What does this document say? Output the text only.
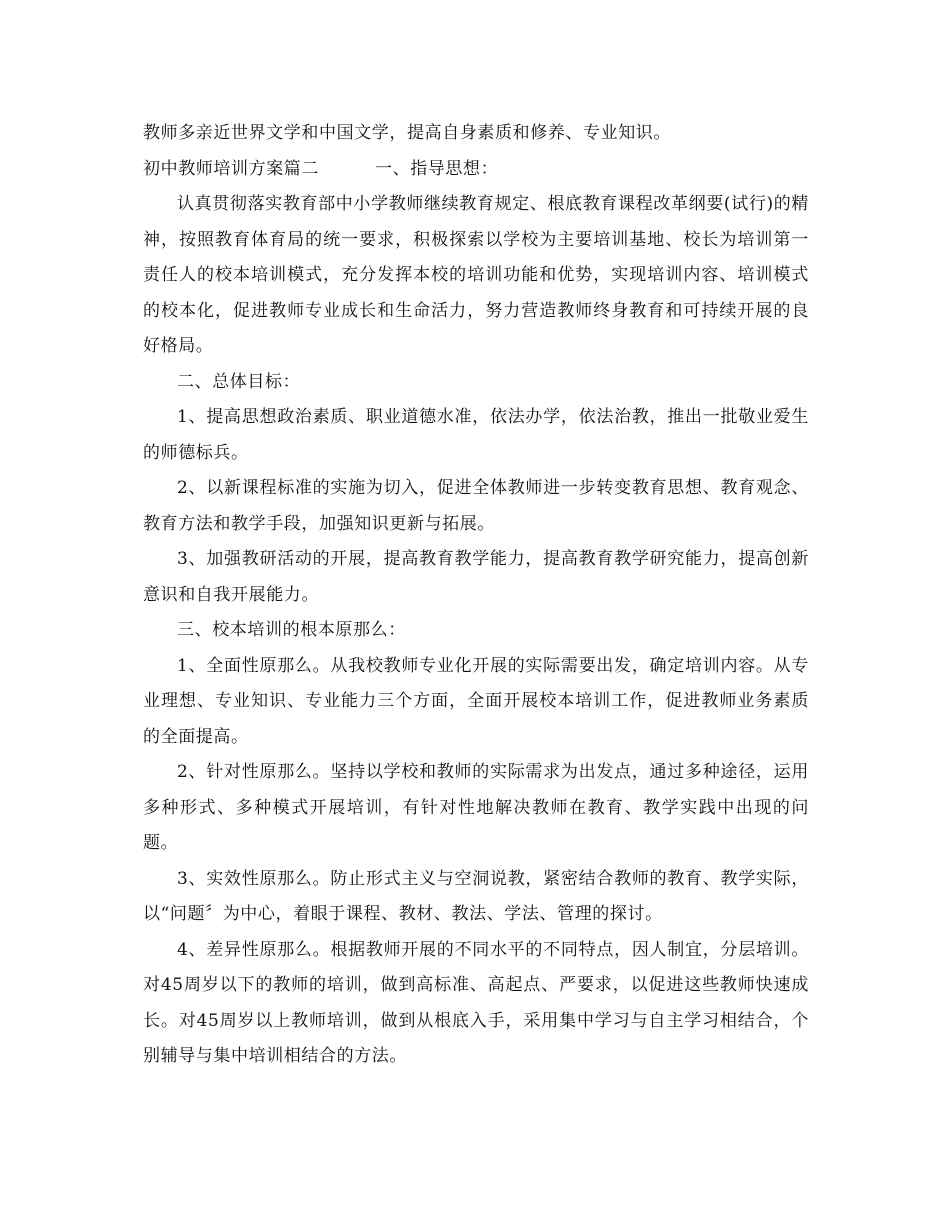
教师多亲近世界文学和中国文学，提高自身素质和修养、专业知识。

初中教师培训方案篇二	一、指导思想：

认真贯彻落实教育部中小学教师继续教育规定、根底教育课程改革纲要(试行)的精神，按照教育体育局的统一要求，积极探索以学校为主要培训基地、校长为培训第一责任人的校本培训模式，充分发挥本校的培训功能和优势，实现培训内容、培训模式的校本化，促进教师专业成长和生命活力，努力营造教师终身教育和可持续开展的良好格局。

二、总体目标：

1、提高思想政治素质、职业道德水准，依法办学，依法治教，推出一批敬业爱生的师德标兵。

2、以新课程标准的实施为切入，促进全体教师进一步转变教育思想、教育观念、教育方法和教学手段，加强知识更新与拓展。

3、加强教研活动的开展，提高教育教学能力，提高教育教学研究能力，提高创新意识和自我开展能力。

三、校本培训的根本原那么：

1、全面性原那么。从我校教师专业化开展的实际需要出发，确定培训内容。从专业理想、专业知识、专业能力三个方面，全面开展校本培训工作，促进教师业务素质的全面提高。

2、针对性原那么。坚持以学校和教师的实际需求为出发点，通过多种途径，运用多种形式、多种模式开展培训，有针对性地解决教师在教育、教学实践中出现的问题。

3、实效性原那么。防止形式主义与空洞说教，紧密结合教师的教育、教学实际，以“问题〞为中心，着眼于课程、教材、教法、学法、管理的探讨。

4、差异性原那么。根据教师开展的不同水平的不同特点，因人制宜，分层培训。对45周岁以下的教师的培训，做到高标准、高起点、严要求，以促进这些教师快速成长。对45周岁以上教师培训，做到从根底入手，采用集中学习与自主学习相结合，个别辅导与集中培训相结合的方法。
